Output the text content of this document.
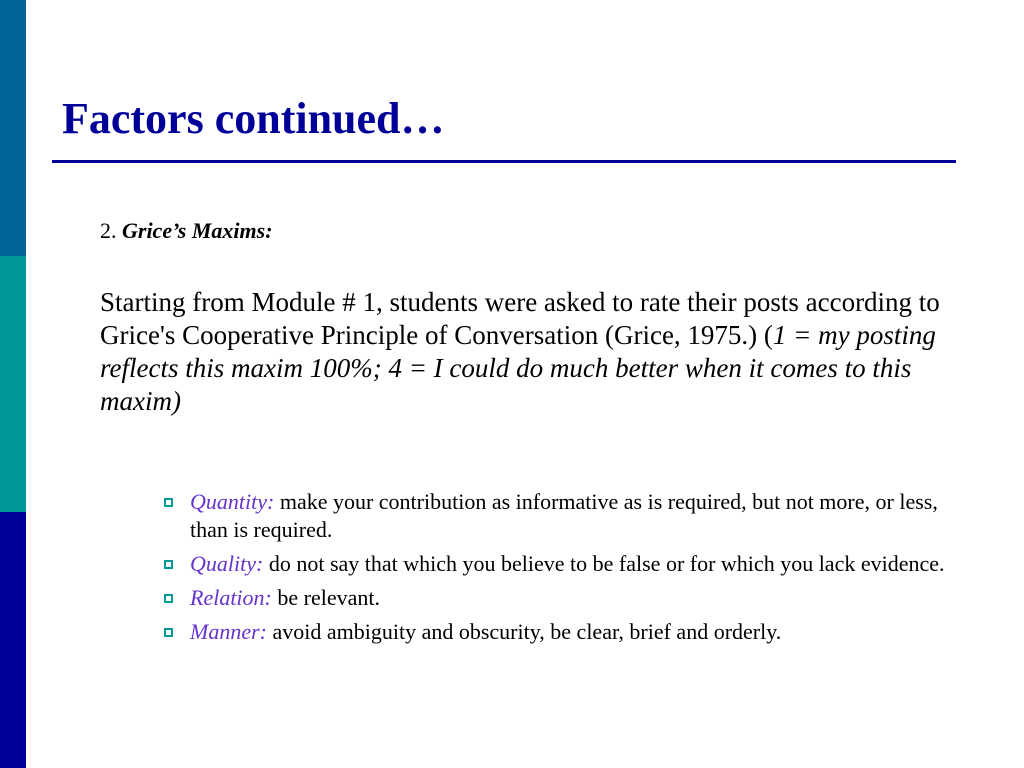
Factors continued…
2. Grice’s Maxims:

Starting from Module # 1, students were asked to rate their posts according to Grice's Cooperative Principle of Conversation (Grice, 1975.) (1 = my posting reflects this maxim 100%; 4 = I could do much better when it comes to this maxim)

Quantity: make your contribution as informative as is required, but not more, or less, than is required.
Quality: do not say that which you believe to be false or for which you lack evidence.
Relation: be relevant.
Manner: avoid ambiguity and obscurity, be clear, brief and orderly.
